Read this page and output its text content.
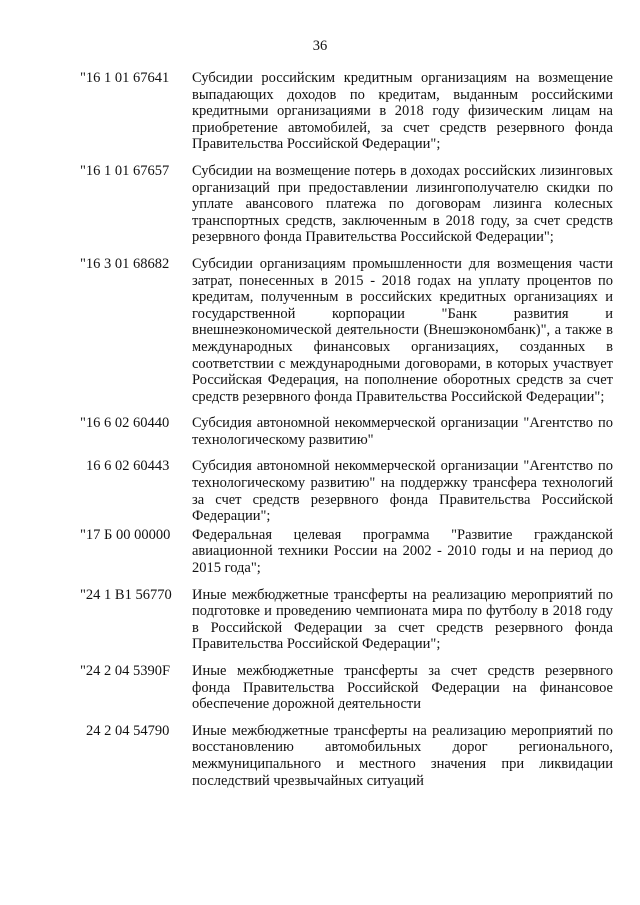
36
"16 1 01 67641	Субсидии российским кредитным организациям на возмещение выпадающих доходов по кредитам, выданным российскими кредитными организациями в 2018 году физическим лицам на приобретение автомобилей, за счет средств резервного фонда Правительства Российской Федерации";
"16 1 01 67657	Субсидии на возмещение потерь в доходах российских лизинговых организаций при предоставлении лизингополучателю скидки по уплате авансового платежа по договорам лизинга колесных транспортных средств, заключенным в 2018 году, за счет средств резервного фонда Правительства Российской Федерации";
"16 3 01 68682	Субсидии организациям промышленности для возмещения части затрат, понесенных в 2015 - 2018 годах на уплату процентов по кредитам, полученным в российских кредитных организациях и государственной корпорации "Банк развития и внешнеэкономической деятельности (Внешэкономбанк)", а также в международных финансовых организациях, созданных в соответствии с международными договорами, в которых участвует Российская Федерация, на пополнение оборотных средств за счет средств резервного фонда Правительства Российской Федерации";
"16 6 02 60440	Субсидия автономной некоммерческой организации "Агентство по технологическому развитию"
16 6 02 60443	Субсидия автономной некоммерческой организации "Агентство по технологическому развитию" на поддержку трансфера технологий за счет средств резервного фонда Правительства Российской Федерации";
"17 Б 00 00000	Федеральная целевая программа "Развитие гражданской авиационной техники России на 2002 - 2010 годы и на период до 2015 года";
"24 1 В1 56770	Иные межбюджетные трансферты на реализацию мероприятий по подготовке и проведению чемпионата мира по футболу в 2018 году в Российской Федерации за счет средств резервного фонда Правительства Российской Федерации";
"24 2 04 5390F	Иные межбюджетные трансферты за счет средств резервного фонда Правительства Российской Федерации на финансовое обеспечение дорожной деятельности
24 2 04 54790	Иные межбюджетные трансферты на реализацию мероприятий по восстановлению автомобильных дорог регионального, межмуниципального и местного значения при ликвидации последствий чрезвычайных ситуаций
